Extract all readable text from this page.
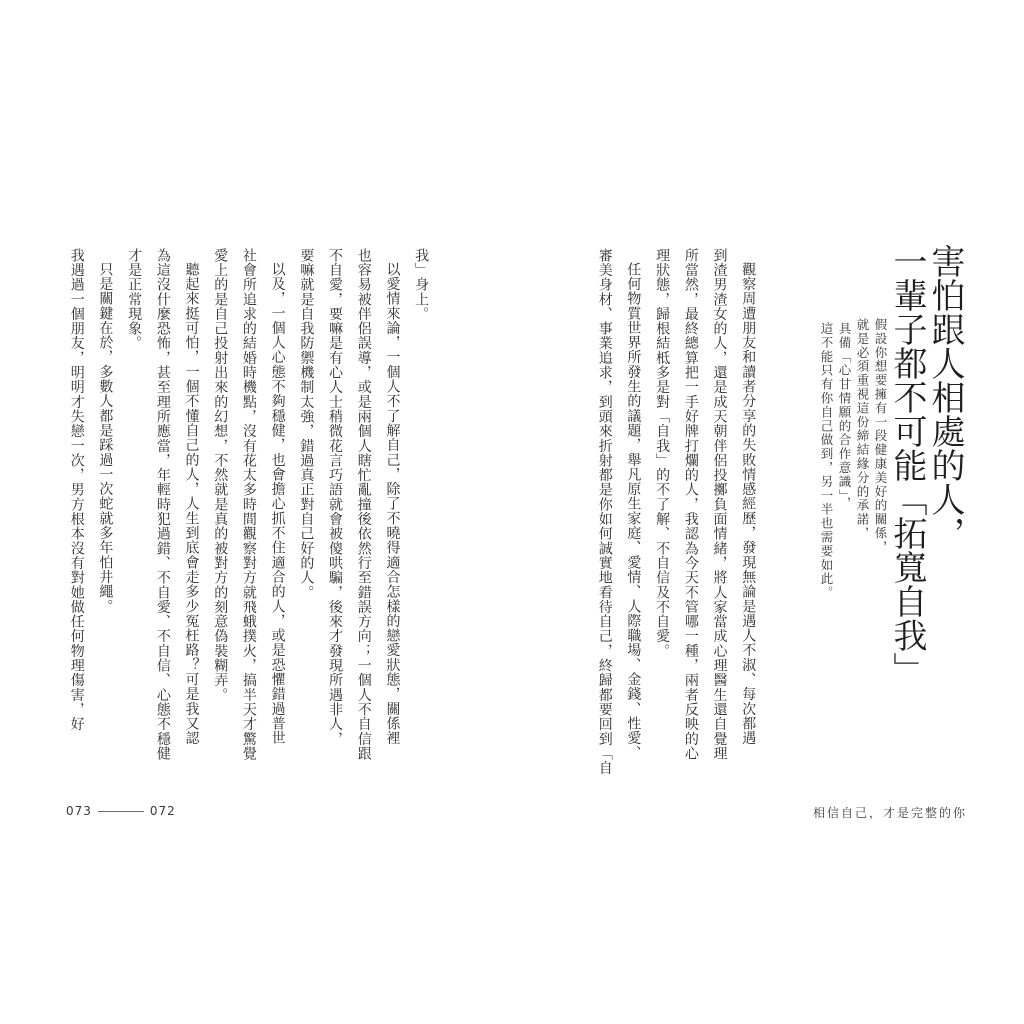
害怕跟人相處的人，
一輩子都不可能「拓寬自我」
假設你想要擁有一段健康美好的關係，
就是必須重視這份締結緣分的承諾，
具備「心甘情願的合作意識」，
這不能只有你自己做到，另一半也需要如此。
觀察周遭朋友和讀者分享的失敗情感經歷，發現無論是遇人不淑、每次都遇
到渣男渣女的人，還是成天朝伴侶投擲負面情緒，將人家當成心理醫生還自覺理
所當然，最終總算把一手好牌打爛的人，我認為今天不管哪一種，兩者反映的心
理狀態，歸根結柢多是對「自我」的不了解、不自信及不自愛。
任何物質世界所發生的議題，舉凡原生家庭、愛情、人際職場、金錢、性愛、
審美身材、事業追求，到頭來折射都是你如何誠實地看待自己，終歸都要回到「自
我」身上。
以愛情來論，一個人不了解自己，除了不曉得適合怎樣的戀愛狀態，關係裡
也容易被伴侶誤導，或是兩個人瞎忙亂撞後依然行至錯誤方向；一個人不自信跟
不自愛，要嘛是有心人士稍微花言巧語就會被傻哄騙，後來才發現所遇非人，
要嘛就是自我防禦機制太強，錯過真正對自己好的人。
以及，一個人心態不夠穩健，也會擔心抓不住適合的人，或是恐懼錯過普世
社會所追求的結婚時機點，沒有花太多時間觀察對方就飛蛾撲火，搞半天才驚覺
愛上的是自己投射出來的幻想，不然就是真的被對方的刻意偽裝糊弄。
聽起來挺可怕，一個不懂自己的人，人生到底會走多少冤枉路？可是我又認
為這沒什麼恐怖，甚至理所應當，年輕時犯過錯、不自愛、不自信、心態不穩健
才是正常現象。
只是關鍵在於，多數人都是踩過一次蛇就多年怕井繩。
我遇過一個朋友，明明才失戀一次，男方根本沒有對她做任何物理傷害，好
073	072	相信自己，才是完整的你
